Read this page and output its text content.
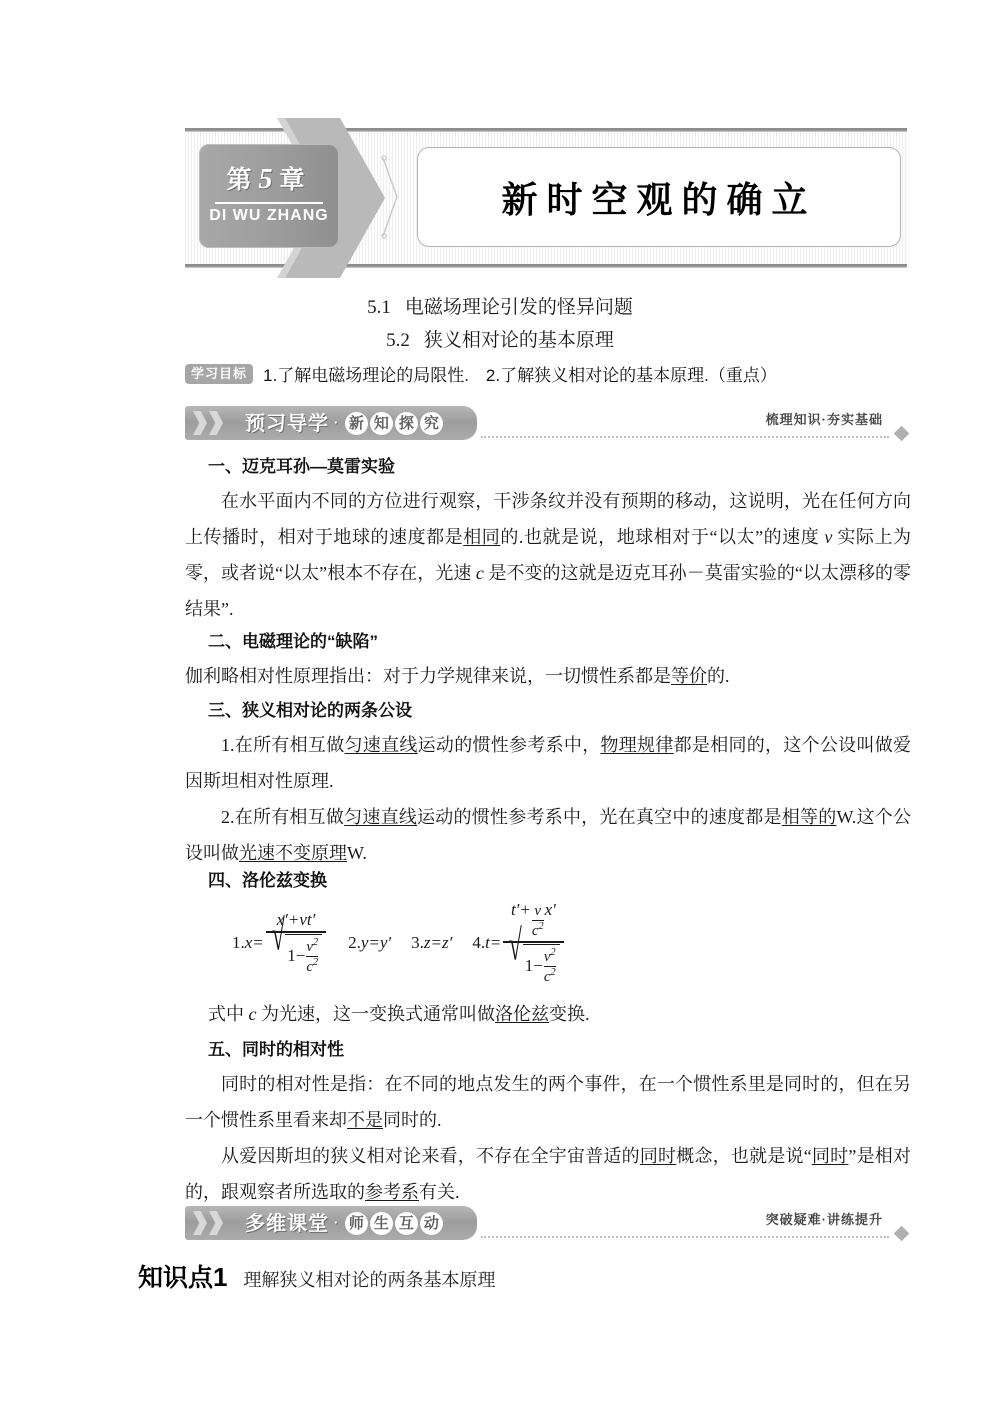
第5章
DI WU ZHANG	新时空观的确立
5.1 电磁场理论引发的怪异问题
5.2 狭义相对论的基本原理
学习目标 1.了解电磁场理论的局限性.　2.了解狭义相对论的基本原理.（重点）
预习导学 · 新 知 探 究	梳理知识·夯实基础
一、迈克耳孙—莫雷实验
在水平面内不同的方位进行观察，干涉条纹并没有预期的移动，这说明，光在任何方向上传播时，相对于地球的速度都是相同的.也就是说，地球相对于“以太”的速度 v 实际上为零，或者说“以太”根本不存在，光速 c 是不变的这就是迈克耳孙－莫雷实验的“以太漂移的零结果”.
二、电磁理论的“缺陷”
伽利略相对性原理指出：对于力学规律来说，一切惯性系都是等价的.
三、狭义相对论的两条公设
1.在所有相互做匀速直线运动的惯性参考系中，物理规律都是相同的，这个公设叫做爱因斯坦相对性原理.
2.在所有相互做匀速直线运动的惯性参考系中，光在真空中的速度都是相等的W.这个公设叫做光速不变原理W.
四、洛伦兹变换
1. x=
x′+vt′
√ $1- \frac{v^2}{c^2} 2$. y=y′ 3. z=z′ 4. t=
$t'+ \frac{v}{c^2} x'$
√ $1- \frac{v^2}{c^2}$
式中 c 为光速，这一变换式通常叫做洛伦兹变换.
五、同时的相对性
同时的相对性是指：在不同的地点发生的两个事件，在一个惯性系里是同时的，但在另一个惯性系里看来却不是同时的.
从爱因斯坦的狭义相对论来看，不存在全宇宙普适的同时概念，也就是说“同时”是相对的，跟观察者所选取的参考系有关.
多维课堂 · 师 生 互 动	突破疑难·讲练提升
知识点1 理解狭义相对论的两条基本原理
